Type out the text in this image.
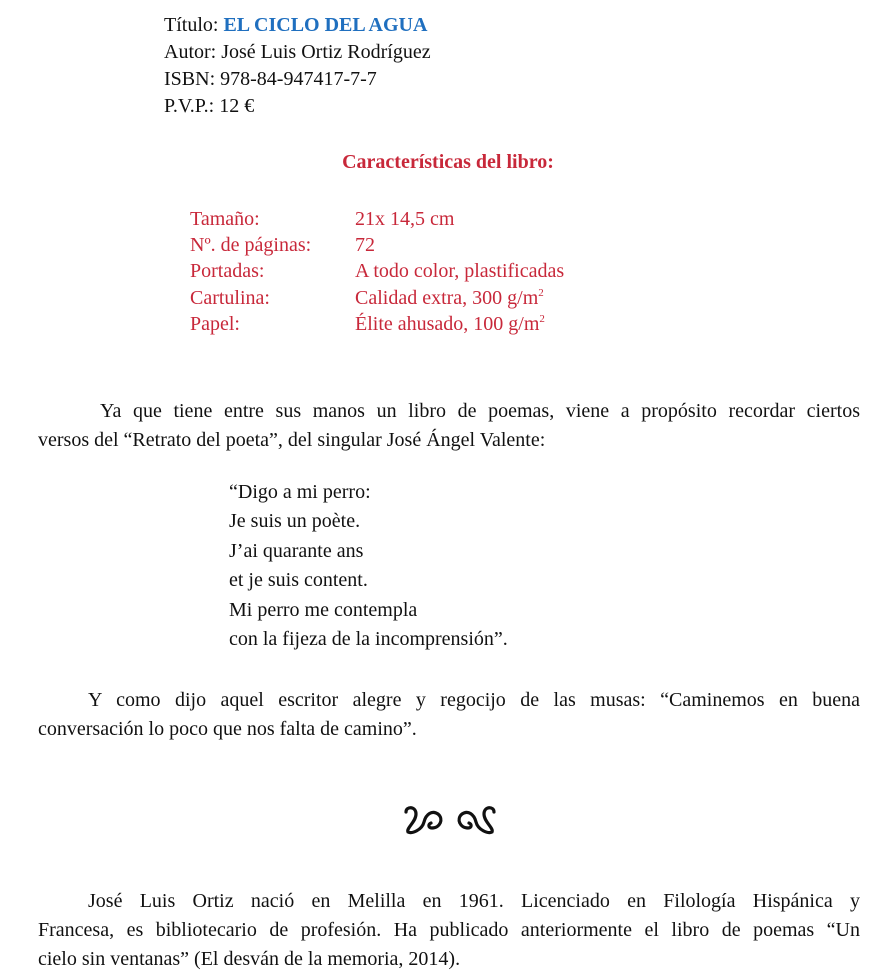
Título: EL CICLO DEL AGUA
Autor: José Luis Ortiz Rodríguez
ISBN: 978-84-947417-7-7
P.V.P.: 12 €
Características del libro:
Tamaño:	21x 14,5 cm
Nº. de páginas: 72
Portadas:	A todo color, plastificadas
Cartulina:	Calidad extra, 300 $g/m^2$
Papel:	Élite ahusado, 100 $g/m^2$
Ya que tiene entre sus manos un libro de poemas, viene a propósito recordar ciertos
versos del “Retrato del poeta”, del singular José Ángel Valente:
“Digo a mi perro:
Je suis un poète.
J’ai quarante ans
et je suis content.
Mi perro me contempla
con la fijeza de la incomprensión”.
Y como dijo aquel escritor alegre y regocijo de las musas: “Caminemos en buena
conversación lo poco que nos falta de camino”.
José Luis Ortiz nació en Melilla en 1961. Licenciado en Filología Hispánica y
Francesa, es bibliotecario de profesión. Ha publicado anteriormente el libro de poemas “Un
cielo sin ventanas” (El desván de la memoria, 2014).
